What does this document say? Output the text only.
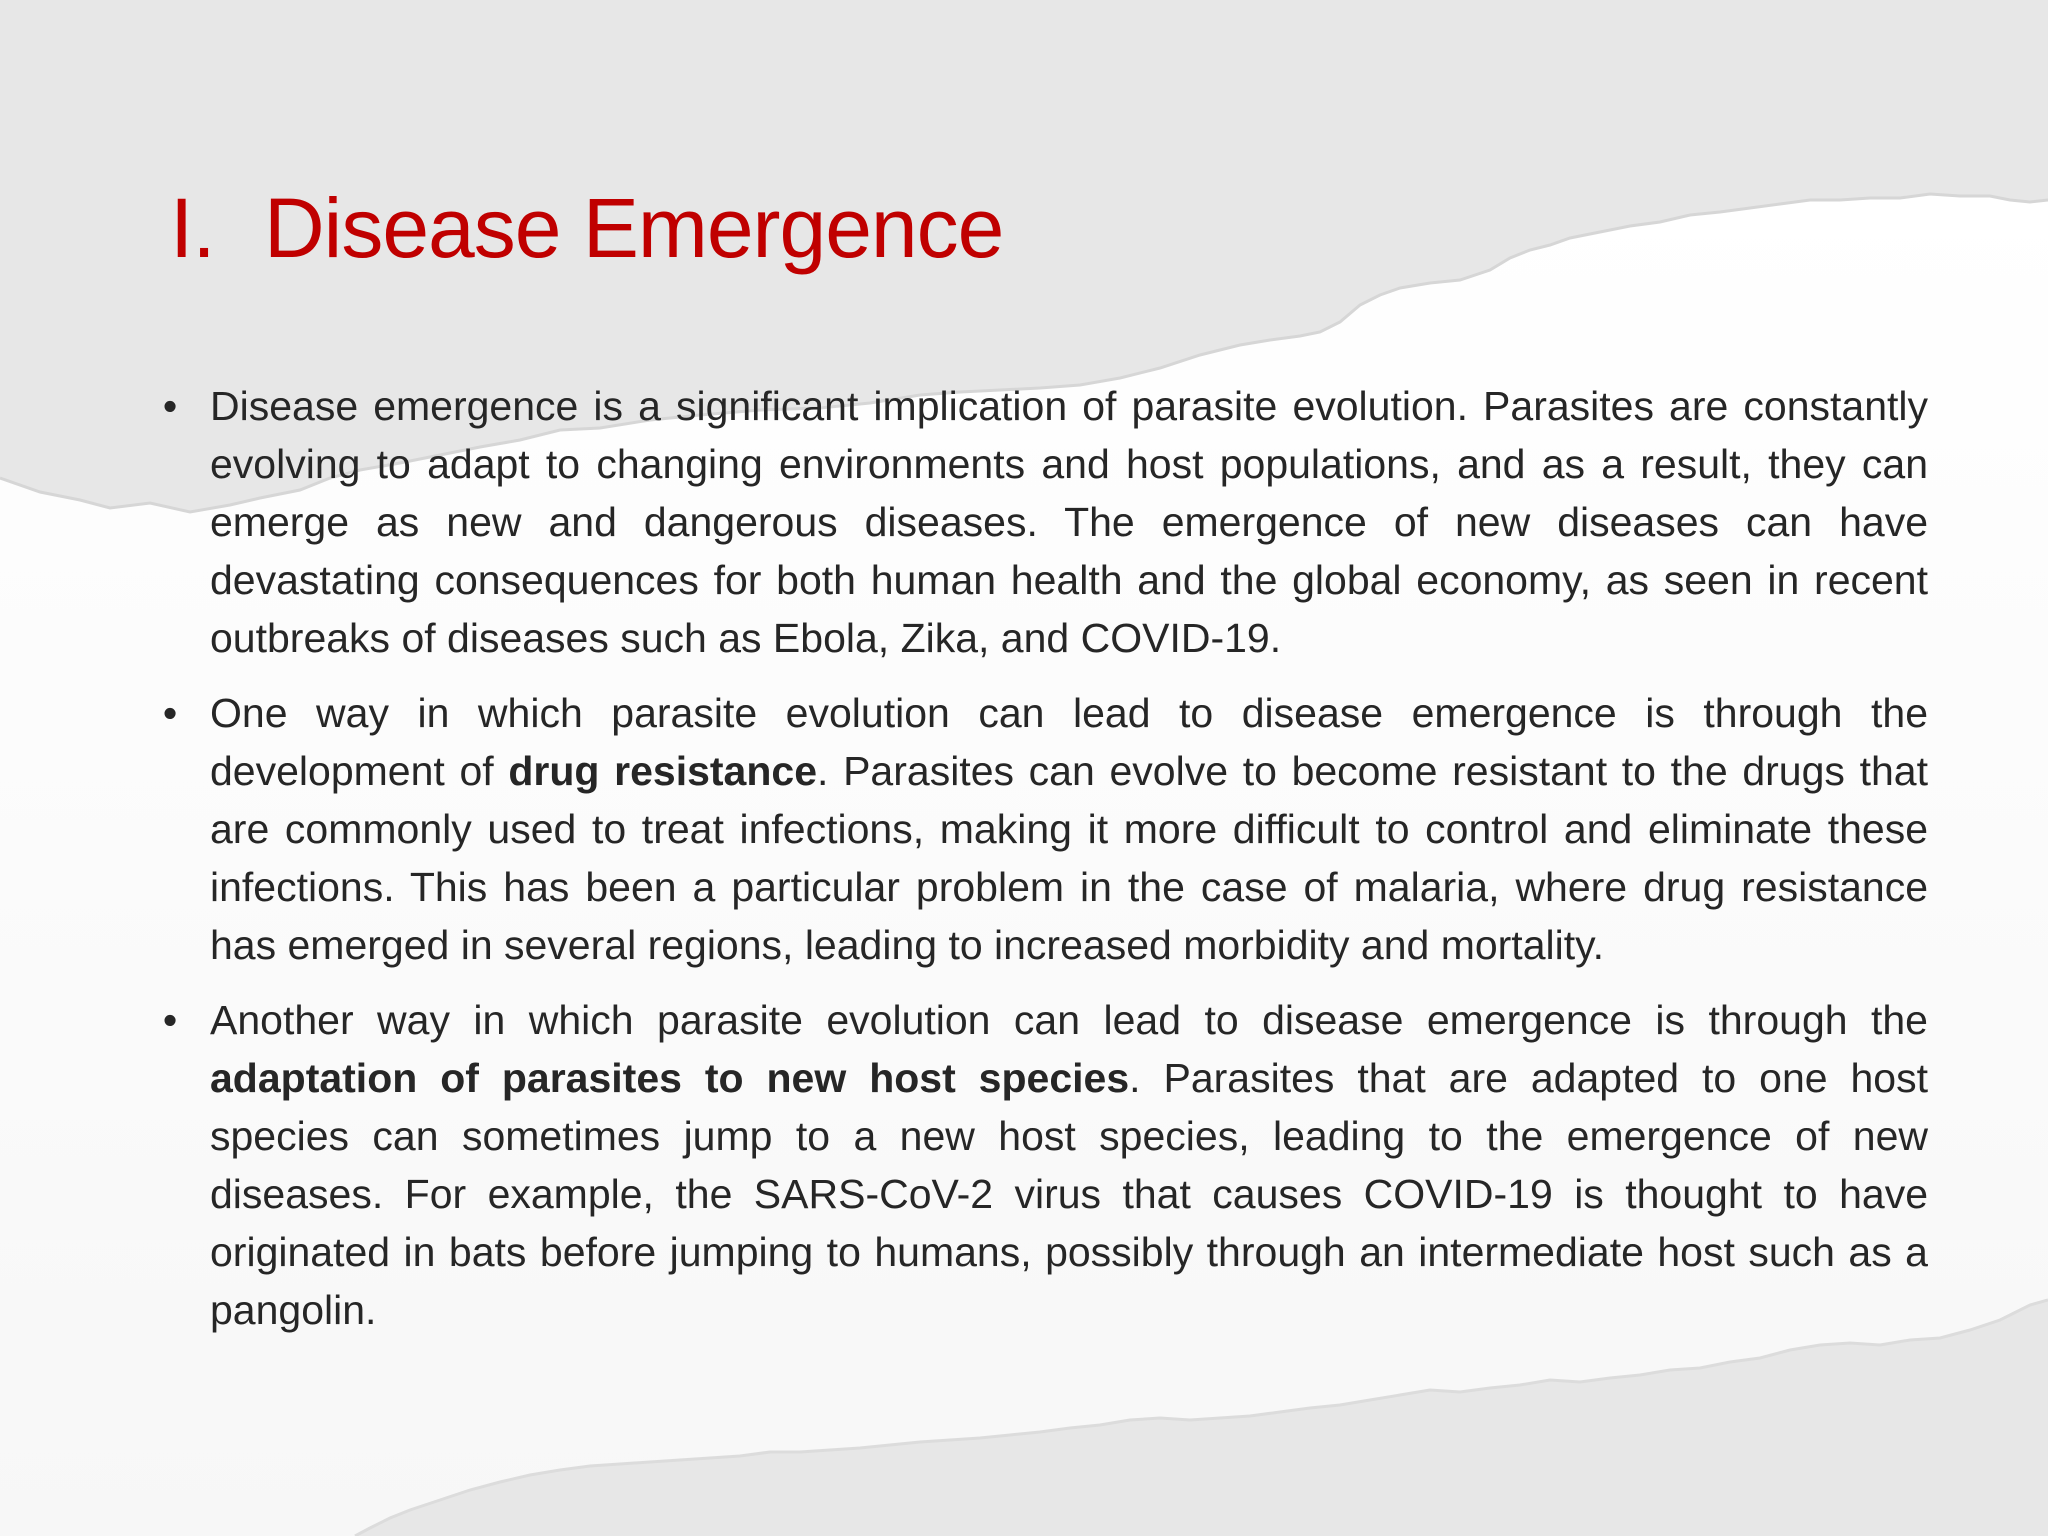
I. Disease Emergence
• Disease emergence is a significant implication of parasite evolution. Parasites are constantly evolving to adapt to changing environments and host populations, and as a result, they can emerge as new and dangerous diseases. The emergence of new diseases can have devastating consequences for both human health and the global economy, as seen in recent outbreaks of diseases such as Ebola, Zika, and COVID-19.
• One way in which parasite evolution can lead to disease emergence is through the development of drug resistance. Parasites can evolve to become resistant to the drugs that are commonly used to treat infections, making it more difficult to control and eliminate these infections. This has been a particular problem in the case of malaria, where drug resistance has emerged in several regions, leading to increased morbidity and mortality.
• Another way in which parasite evolution can lead to disease emergence is through the adaptation of parasites to new host species. Parasites that are adapted to one host species can sometimes jump to a new host species, leading to the emergence of new diseases. For example, the SARS-CoV-2 virus that causes COVID-19 is thought to have originated in bats before jumping to humans, possibly through an intermediate host such as a pangolin.
